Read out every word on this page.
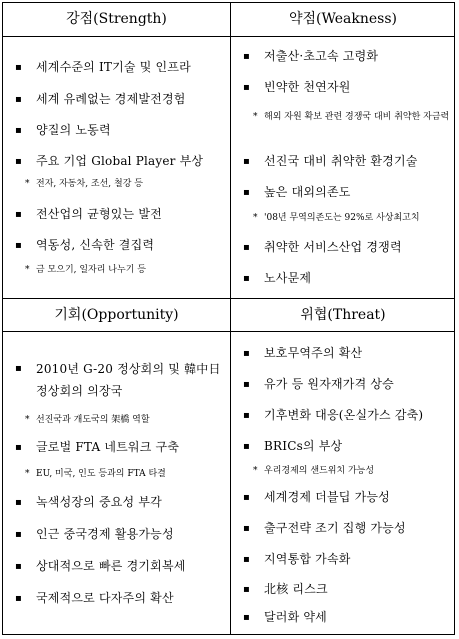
강점(Strength)	약점(Weakness)
기회(Opportunity)	위협(Threat)
▪ 세계수준의 IT기술 및 인프라
▪ 세계 유례없는 경제발전경험
▪ 양질의 노동력
▪ 주요 기업 Global Player 부상
* 전자, 자동차, 조선, 철강 등
▪ 전산업의 균형있는 발전
▪ 역동성, 신속한 결집력
* 금 모으기, 일자리 나누기 등
▪ 저출산·초고속 고령화
▪ 빈약한 천연자원
* 해외 자원 확보 관련 경쟁국 대비 취약한 자금력
▪ 선진국 대비 취약한 환경기술
▪ 높은 대외의존도
* '08년 무역의존도는 92%로 사상최고치
▪ 취약한 서비스산업 경쟁력
▪ 노사문제
▪ 2010년 G-20 정상회의 및 韓中日 정상회의 의장국
* 선진국과 개도국의 架橋 역할
▪ 글로벌 FTA 네트워크 구축
* EU, 미국, 인도 등과의 FTA 타결
▪ 녹색성장의 중요성 부각
▪ 인근 중국경제 활용가능성
▪ 상대적으로 빠른 경기회복세
▪ 국제적으로 다자주의 확산
▪ 보호무역주의 확산
▪ 유가 등 원자재가격 상승
▪ 기후변화 대응(온실가스 감축)
▪ BRICs의 부상
* 우리경제의 샌드위치 가능성
▪ 세계경제 더블딥 가능성
▪ 출구전략 조기 집행 가능성
▪ 지역통합 가속화
▪ 北核 리스크
▪ 달러화 약세
